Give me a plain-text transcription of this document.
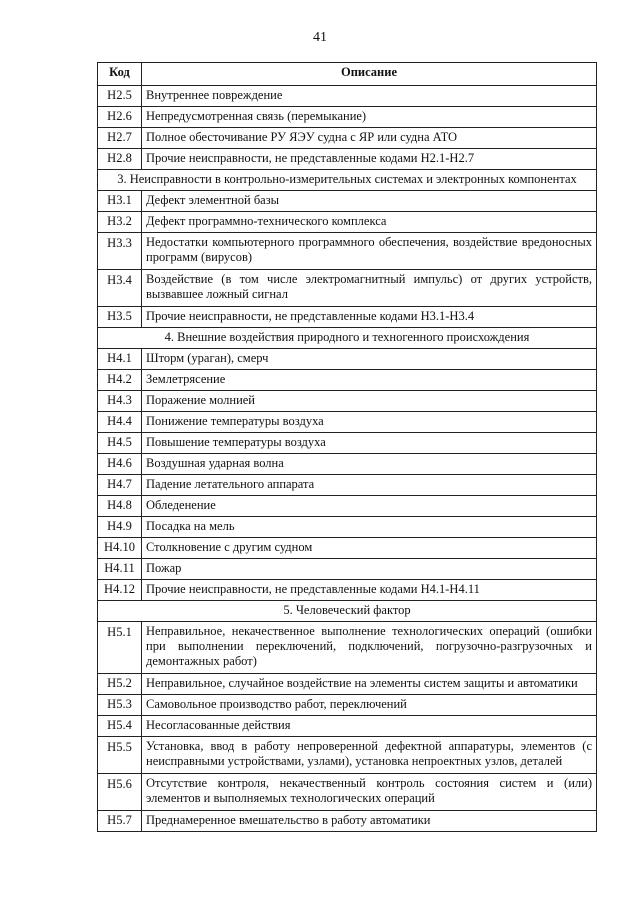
41
Код	Описание
Н2.5	Внутреннее повреждение
Н2.6	Непредусмотренная связь (перемыкание)
Н2.7	Полное обесточивание РУ ЯЭУ судна с ЯР или судна АТО
Н2.8	Прочие неисправности, не представленные кодами Н2.1-Н2.7
3. Неисправности в контрольно-измерительных системах и электронных компонентах	
Н3.1	Дефект элементной базы
Н3.2	Дефект программно-технического комплекса
Н3.3	Недостатки компьютерного программного обеспечения, воздействие вредоносных программ (вирусов)
Н3.4	Воздействие (в том числе электромагнитный импульс) от других устройств, вызвавшее ложный сигнал
Н3.5	Прочие неисправности, не представленные кодами Н3.1-Н3.4
4. Внешние воздействия природного и техногенного происхождения	
Н4.1	Шторм (ураган), смерч
Н4.2	Землетрясение
Н4.3	Поражение молнией
Н4.4	Понижение температуры воздуха
Н4.5	Повышение температуры воздуха
Н4.6	Воздушная ударная волна
Н4.7	Падение летательного аппарата
Н4.8	Обледенение
Н4.9	Посадка на мель
Н4.10	Столкновение с другим судном
Н4.11	Пожар
Н4.12	Прочие неисправности, не представленные кодами Н4.1-Н4.11
5. Человеческий фактор	
Н5.1	Неправильное, некачественное выполнение технологических операций (ошибки при выполнении переключений, подключений, погрузочно-разгрузочных и демонтажных работ)
Н5.2	Неправильное, случайное воздействие на элементы систем защиты и автоматики
Н5.3	Самовольное производство работ, переключений
Н5.4	Несогласованные действия
Н5.5	Установка, ввод в работу непроверенной дефектной аппаратуры, элементов (с неисправными устройствами, узлами), установка непроектных узлов, деталей
Н5.6	Отсутствие контроля, некачественный контроль состояния систем и (или) элементов и выполняемых технологических операций
Н5.7	Преднамеренное вмешательство в работу автоматики
